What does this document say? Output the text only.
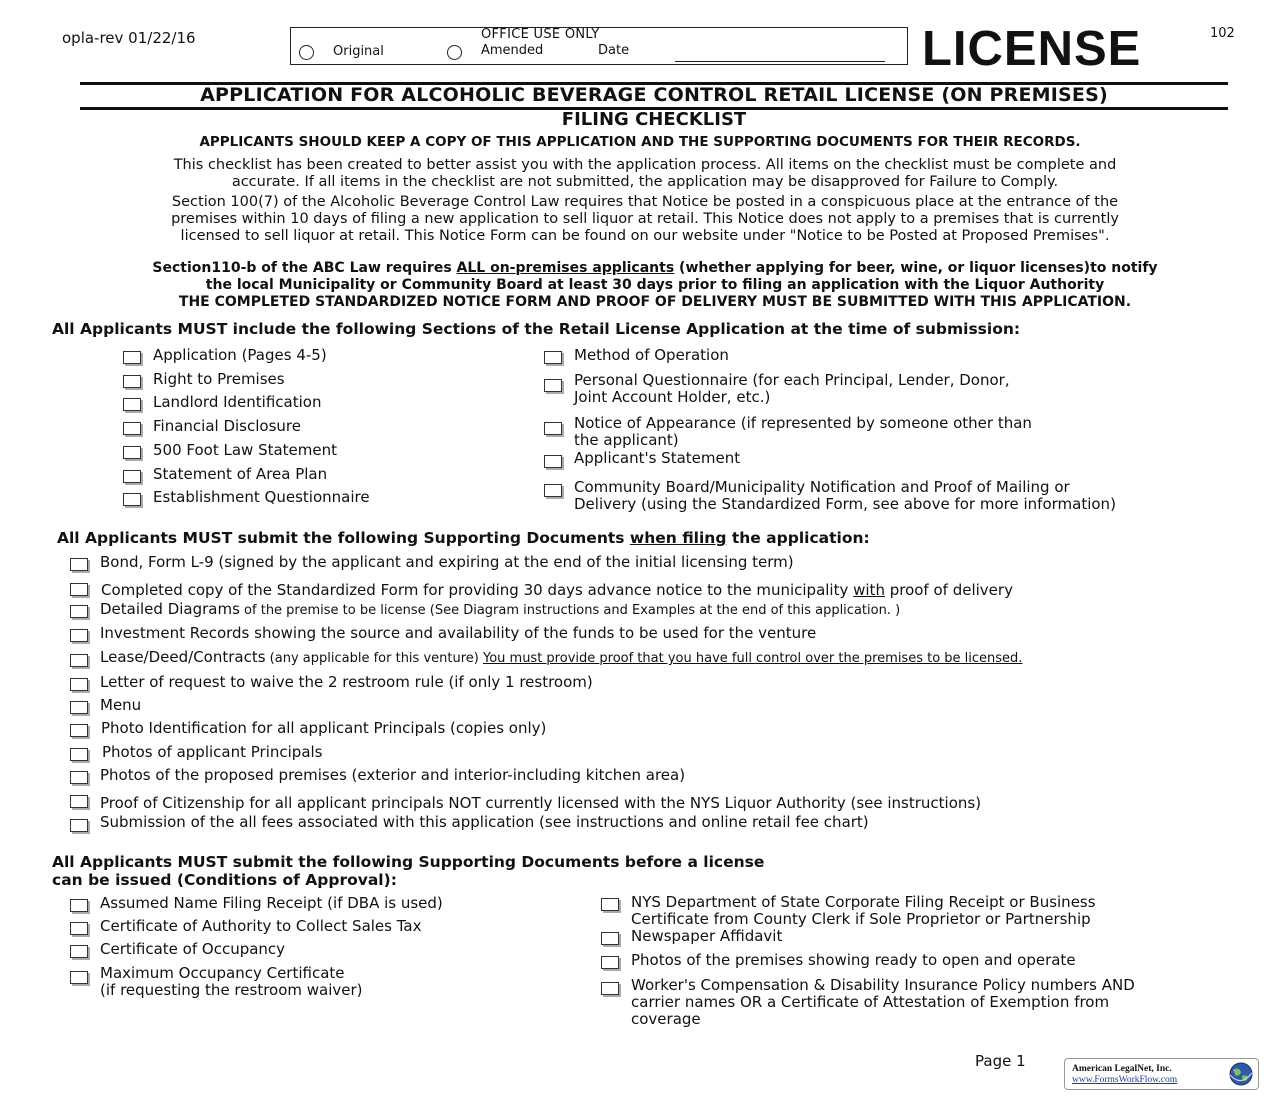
opla-rev 01/22/16	OFFICE USE ONLY
Original	Amended	Date	LICENSE	102
APPLICATION FOR ALCOHOLIC BEVERAGE CONTROL RETAIL LICENSE (ON PREMISES)
FILING CHECKLIST
APPLICANTS SHOULD KEEP A COPY OF THIS APPLICATION AND THE SUPPORTING DOCUMENTS FOR THEIR RECORDS.
This checklist has been created to better assist you with the application process. All items on the checklist must be complete and
accurate. If all items in the checklist are not submitted, the application may be disapproved for Failure to Comply.
Section 100(7) of the Alcoholic Beverage Control Law requires that Notice be posted in a conspicuous place at the entrance of the
premises within 10 days of filing a new application to sell liquor at retail. This Notice does not apply to a premises that is currently
licensed to sell liquor at retail. This Notice Form can be found on our website under "Notice to be Posted at Proposed Premises".
Section110-b of the ABC Law requires ALL on-premises applicants (whether applying for beer, wine, or liquor licenses)to notify
the local Municipality or Community Board at least 30 days prior to filing an application with the Liquor Authority
THE COMPLETED STANDARDIZED NOTICE FORM AND PROOF OF DELIVERY MUST BE SUBMITTED WITH THIS APPLICATION.
All Applicants MUST include the following Sections of the Retail License Application at the time of submission:
Application (Pages 4-5)
Right to Premises
Landlord Identification
Financial Disclosure
500 Foot Law Statement
Statement of Area Plan
Establishment Questionnaire
Method of Operation
Personal Questionnaire (for each Principal, Lender, Donor,
Joint Account Holder, etc.)
Notice of Appearance (if represented by someone other than
the applicant)
Applicant's Statement
Community Board/Municipality Notification and Proof of Mailing or
Delivery (using the Standardized Form, see above for more information)
All Applicants MUST submit the following Supporting Documents when filing the application:
Bond, Form L-9 (signed by the applicant and expiring at the end of the initial licensing term)
Completed copy of the Standardized Form for providing 30 days advance notice to the municipality with proof of delivery
Detailed Diagrams of the premise to be license (See Diagram instructions and Examples at the end of this application. )
Investment Records showing the source and availability of the funds to be used for the venture
Lease/Deed/Contracts (any applicable for this venture) You must provide proof that you have full control over the premises to be licensed.
Letter of request to waive the 2 restroom rule (if only 1 restroom)
Menu
Photo Identification for all applicant Principals (copies only)
Photos of applicant Principals
Photos of the proposed premises (exterior and interior-including kitchen area)
Proof of Citizenship for all applicant principals NOT currently licensed with the NYS Liquor Authority (see instructions)
Submission of the all fees associated with this application (see instructions and online retail fee chart)
All Applicants MUST submit the following Supporting Documents before a license
can be issued (Conditions of Approval):
Assumed Name Filing Receipt (if DBA is used)
Certificate of Authority to Collect Sales Tax
Certificate of Occupancy
Maximum Occupancy Certificate
(if requesting the restroom waiver)
NYS Department of State Corporate Filing Receipt or Business
Certificate from County Clerk if Sole Proprietor or Partnership
Newspaper Affidavit
Photos of the premises showing ready to open and operate
Worker's Compensation & Disability Insurance Policy numbers AND
carrier names OR a Certificate of Attestation of Exemption from
coverage
Page 1	American LegalNet, Inc.
www.FormsWorkFlow.com
